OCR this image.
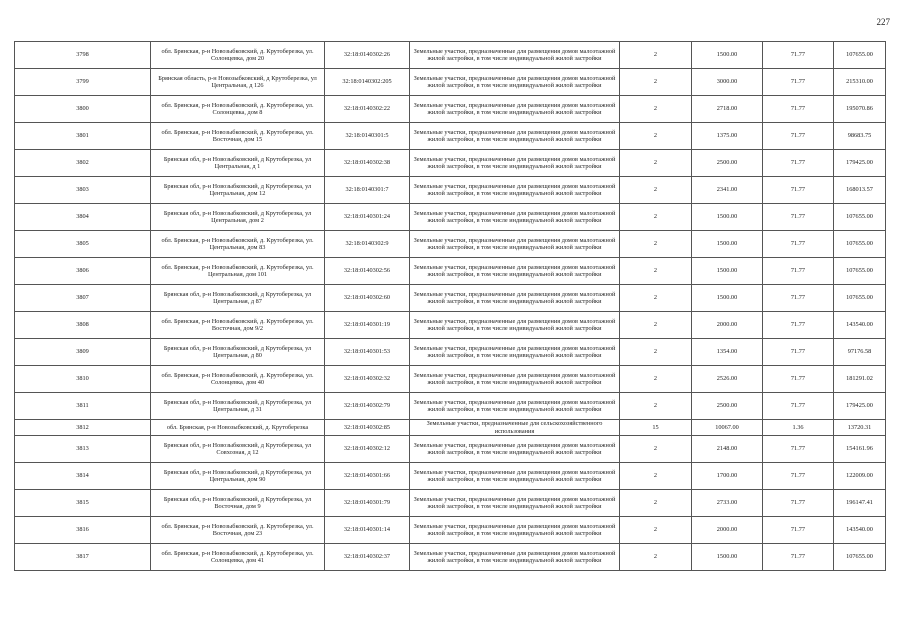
227
3798	обл. Брянская, р-н Новозыбковский, д. Крутоберезка, ул. Солонцевка, дом 20	32:18:0140302:26	Земельные участки, предназначенные для размещения домов малоэтажной жилой застройки, в том числе индивидуальной жилой застройки	2	1500.00	71.77	107655.00
3799	Брянская область, р-н Новозыбковский, д Крутоберезка, ул Центральная, д 126	32:18:0140302:205	Земельные участки, предназначенные для размещения домов малоэтажной жилой застройки, в том числе индивидуальной жилой застройки	2	3000.00	71.77	215310.00
3800	обл. Брянская, р-н Новозыбковский, д. Крутоберезка, ул. Солонцевка, дом 8	32:18:0140302:22	Земельные участки, предназначенные для размещения домов малоэтажной жилой застройки, в том числе индивидуальной жилой застройки	2	2718.00	71.77	195070.86
3801	обл. Брянская, р-н Новозыбковский, д. Крутоберезка, ул. Восточная, дом 15	32:18:0140301:5	Земельные участки, предназначенные для размещения домов малоэтажной жилой застройки, в том числе индивидуальной жилой застройки	2	1375.00	71.77	98683.75
3802	Брянская обл, р-н Новозыбковский, д Крутоберезка, ул Центральная, д 1	32:18:0140302:38	Земельные участки, предназначенные для размещения домов малоэтажной жилой застройки, в том числе индивидуальной жилой застройки	2	2500.00	71.77	179425.00
3803	Брянская обл, р-н Новозыбковский, д Крутоберезка, ул Центральная, дом 12	32:18:0140301:7	Земельные участки, предназначенные для размещения домов малоэтажной жилой застройки, в том числе индивидуальной жилой застройки	2	2341.00	71.77	168013.57
3804	Брянская обл, р-н Новозыбковский, д Крутоберезка, ул Центральная, дом 2	32:18:0140301:24	Земельные участки, предназначенные для размещения домов малоэтажной жилой застройки, в том числе индивидуальной жилой застройки	2	1500.00	71.77	107655.00
3805	обл. Брянская, р-н Новозыбковский, д. Крутоберезка, ул. Центральная, дом 83	32:18:0140302:9	Земельные участки, предназначенные для размещения домов малоэтажной жилой застройки, в том числе индивидуальной жилой застройки	2	1500.00	71.77	107655.00
3806	обл. Брянская, р-н Новозыбковский, д. Крутоберезка, ул. Центральная, дом 101	32:18:0140302:56	Земельные участки, предназначенные для размещения домов малоэтажной жилой застройки, в том числе индивидуальной жилой застройки	2	1500.00	71.77	107655.00
3807	Брянская обл, р-н Новозыбковский, д Крутоберезка, ул Центральная, д 87	32:18:0140302:60	Земельные участки, предназначенные для размещения домов малоэтажной жилой застройки, в том числе индивидуальной жилой застройки	2	1500.00	71.77	107655.00
3808	обл. Брянская, р-н Новозыбковский, д. Крутоберезка, ул. Восточная, дом 9/2	32:18:0140301:19	Земельные участки, предназначенные для размещения домов малоэтажной жилой застройки, в том числе индивидуальной жилой застройки	2	2000.00	71.77	143540.00
3809	Брянская обл, р-н Новозыбковский, д Крутоберезка, ул Центральная, д 80	32:18:0140301:53	Земельные участки, предназначенные для размещения домов малоэтажной жилой застройки, в том числе индивидуальной жилой застройки	2	1354.00	71.77	97176.58
3810	обл. Брянская, р-н Новозыбковский, д. Крутоберезка, ул. Солонцевка, дом 40	32:18:0140302:32	Земельные участки, предназначенные для размещения домов малоэтажной жилой застройки, в том числе индивидуальной жилой застройки	2	2526.00	71.77	181291.02
3811	Брянская обл, р-н Новозыбковский, д Крутоберезка, ул Центральная, д 31	32:18:0140302:79	Земельные участки, предназначенные для размещения домов малоэтажной жилой застройки, в том числе индивидуальной жилой застройки	2	2500.00	71.77	179425.00
3812	обл. Брянская, р-н Новозыбковский, д. Крутоберезка	32:18:0140302:85	Земельные участки, предназначенные для сельскохозяйственного использования	15	10067.00	1.36	13720.31
3813	Брянская обл, р-н Новозыбковский, д Крутоберезка, ул Совхозная, д 12	32:18:0140302:12	Земельные участки, предназначенные для размещения домов малоэтажной жилой застройки, в том числе индивидуальной жилой застройки	2	2148.00	71.77	154161.96
3814	Брянская обл, р-н Новозыбковский, д Крутоберезка, ул Центральная, дом 90	32:18:0140301:66	Земельные участки, предназначенные для размещения домов малоэтажной жилой застройки, в том числе индивидуальной жилой застройки	2	1700.00	71.77	122009.00
3815	Брянская обл, р-н Новозыбковский, д Крутоберезка, ул Восточная, дом 9	32:18:0140301:79	Земельные участки, предназначенные для размещения домов малоэтажной жилой застройки, в том числе индивидуальной жилой застройки	2	2733.00	71.77	196147.41
3816	обл. Брянская, р-н Новозыбковский, д. Крутоберезка, ул. Восточная, дом 23	32:18:0140301:14	Земельные участки, предназначенные для размещения домов малоэтажной жилой застройки, в том числе индивидуальной жилой застройки	2	2000.00	71.77	143540.00
3817	обл. Брянская, р-н Новозыбковский, д. Крутоберезка, ул. Солонцевка, дом 41	32:18:0140302:37	Земельные участки, предназначенные для размещения домов малоэтажной жилой застройки, в том числе индивидуальной жилой застройки	2	1500.00	71.77	107655.00
